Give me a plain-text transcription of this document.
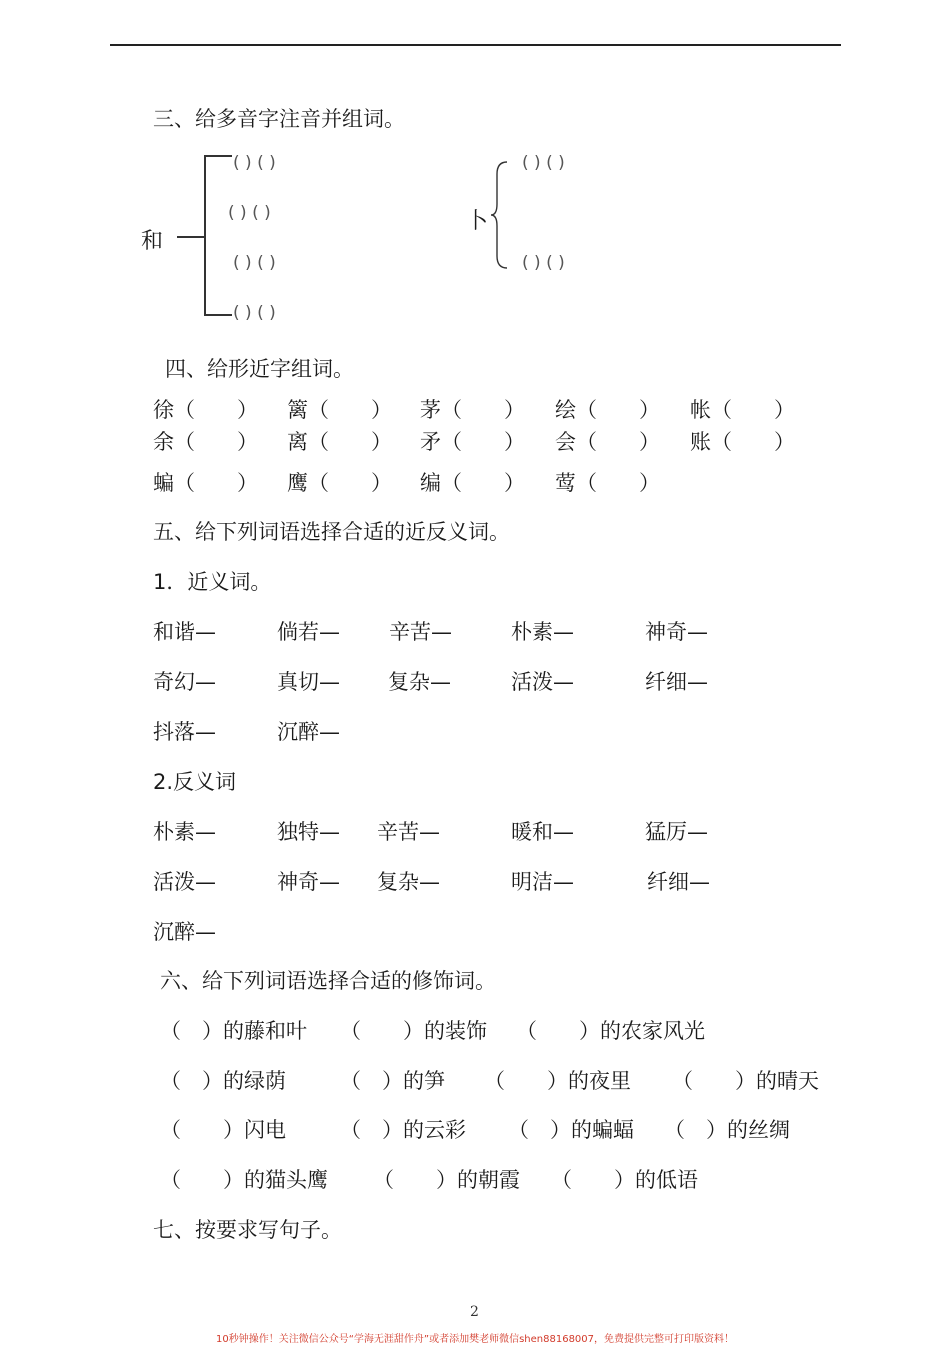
三、给多音字注音并组词。
和
( ) ( )
( ) ( )
( ) ( )
( ) ( )
卜
( ) ( )
( ) ( )
四、给形近字组词。
徐（　　） 篱（　　） 茅（　　） 绘（　　） 帐（　　）
余（　　） 离（　　） 矛（　　） 会（　　） 账（　　）
蝙（　　） 鹰（　　） 编（　　） 莺（　　）
五、给下列词语选择合适的近反义词。
1．近义词。
和谐—	倘若— 辛苦—	朴素—	神奇—
奇幻—	真切— 复杂—	活泼—	纤细—
抖落—	沉醉—
2.反义词
朴素—	独特— 辛苦—	暖和—	猛厉—
活泼—	神奇— 复杂—	明洁—	纤细—
沉醉—
六、给下列词语选择合适的修饰词。
（　）的藤和叶 （　　）的装饰 （　　）的农家风光
（　）的绿荫	（　）的笋 （　　）的夜里 （　　）的晴天
（　　）闪电	（　）的云彩 （　）的蝙蝠 （　）的丝绸
（　　）的猫头鹰 （　　）的朝霞 （　　）的低语
七、按要求写句子。
2
10秒钟操作！关注微信公众号“学海无涯甜作舟”或者添加樊老师微信shen88168007，免费提供完整可打印版资料！
